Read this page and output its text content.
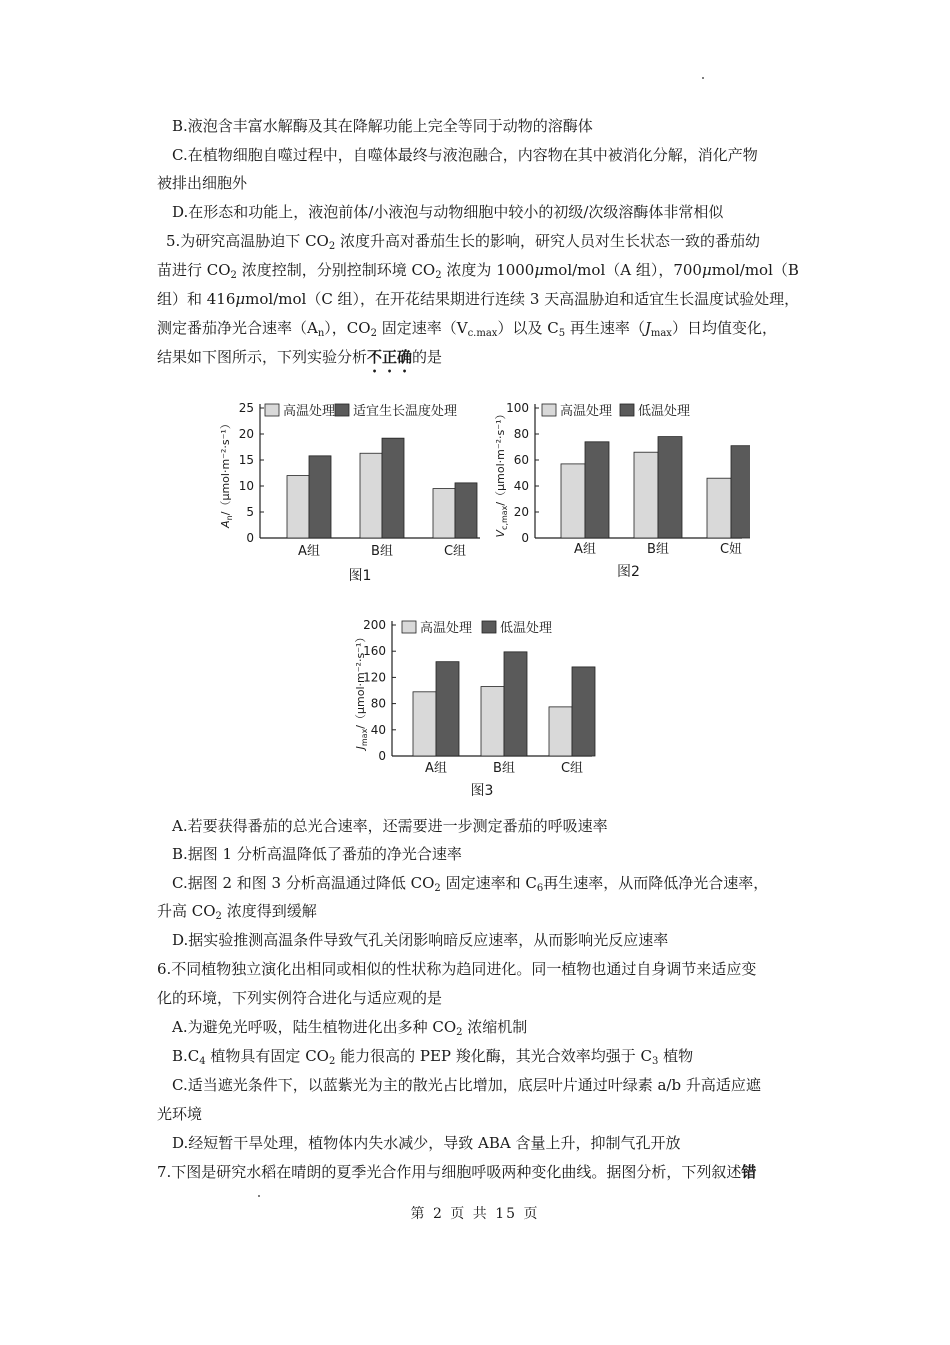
B.液泡含丰富水解酶及其在降解功能上完全等同于动物的溶酶体
C.在植物细胞自噬过程中，自噬体最终与液泡融合，内容物在其中被消化分解，消化产物
被排出细胞外
D.在形态和功能上，液泡前体/小液泡与动物细胞中较小的初级/次级溶酶体非常相似
5.为研究高温胁迫下 $CO_2$ 浓度升高对番茄生长的影响，研究人员对生长状态一致的番茄幼
苗进行 $CO_2$ 浓度控制，分别控制环境 $CO_2$ 浓度为 1000μmol/mol（A 组），700μmol/mol（B
组）和 416μmol/mol（C 组），在开花结果期进行连续 3 天高温胁迫和适宜生长温度试验处理，
测定番茄净光合速率$(A_n)$，$CO_2$ 固定速率$(V_{c.max})$以及 $C_5$ 再生速率$(J_{max})$日均值变化，
结果如下图所示，下列实验分析不正确的是
0
5
10
15
20
25
$A_n/(\mu mol\cdot m^{-2}\cdot s^{-1})$
A组	B组	C组
高温处理 适宜生长温度处理
图1
0
20
40
60
80
100
$V_{c,max}/(\mu mol\cdot m^{-2}\cdot s^{-1})$
A组	B组	C妞
高温处理 低温处理
图2
0
40
80
120
160
200
$J_{max}/(\mu mol\cdot m^{-2}\cdot s^{-1})$
A组	B组	C组
高温处理 低温处理
图3
A.若要获得番茄的总光合速率，还需要进一步测定番茄的呼吸速率
B.据图 1 分析高温降低了番茄的净光合速率
C.据图 2 和图 3 分析高温通过降低 $CO_2$ 固定速率和 $C_6$再生速率，从而降低净光合速率，
升高 $CO_2$ 浓度得到缓解
D.据实验推测高温条件导致气孔关闭影响暗反应速率，从而影响光反应速率
6.不同植物独立演化出相同或相似的性状称为趋同进化。同一植物也通过自身调节来适应变
化的环境，下列实例符合进化与适应观的是
A.为避免光呼吸，陆生植物进化出多种 $CO_2$ 浓缩机制
$B.C_4$ 植物具有固定 $CO_2$ 能力很高的 PEP 羧化酶，其光合效率均强于 $C_3$ 植物
C.适当遮光条件下，以蓝紫光为主的散光占比增加，底层叶片通过叶绿素 a/b 升高适应遮
光环境
D.经短暂干旱处理，植物体内失水减少，导致 ABA 含量上升，抑制气孔开放
7.下图是研究水稻在晴朗的夏季光合作用与细胞呼吸两种变化曲线。据图分析，下列叙述错
第 2 页 共 15 页
